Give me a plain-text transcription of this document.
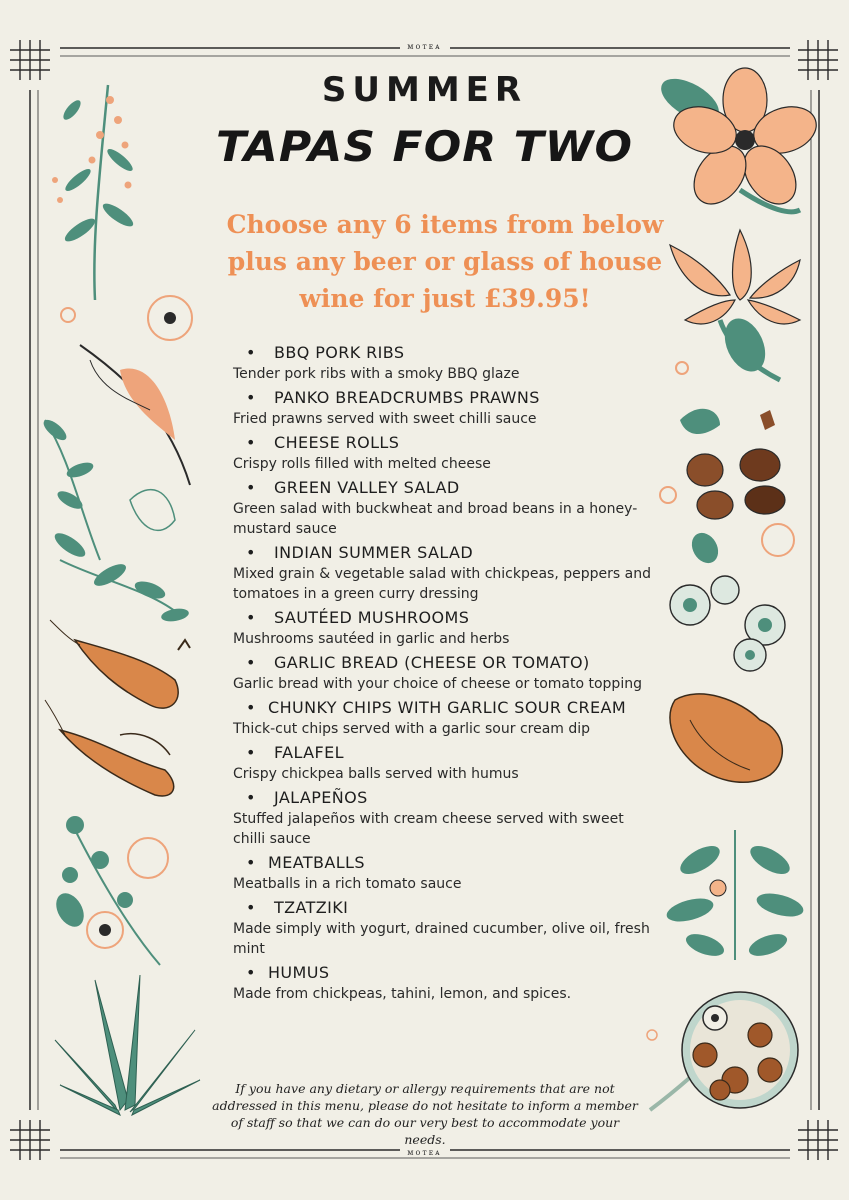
ᴍᴏᴛᴇᴀ
SUMMER
TAPAS FOR TWO

Choose any 6 items from below plus any beer or glass of house wine for just £39.95!

• BBQ PORK RIBS
Tender pork ribs with a smoky BBQ glaze
• PANKO BREADCRUMBS PRAWNS
Fried prawns served with sweet chilli sauce
• CHEESE ROLLS
Crispy rolls filled with melted cheese
• GREEN VALLEY SALAD
Green salad with buckwheat and broad beans in a honey-mustard sauce
• INDIAN SUMMER SALAD
Mixed grain & vegetable salad with chickpeas, peppers and tomatoes in a green curry dressing
• SAUTÉED MUSHROOMS
Mushrooms sautéed in garlic and herbs
• GARLIC BREAD (CHEESE OR TOMATO)
Garlic bread with your choice of cheese or tomato topping
• CHUNKY CHIPS WITH GARLIC SOUR CREAM
Thick-cut chips served with a garlic sour cream dip
• FALAFEL
Crispy chickpea balls served with humus
• JALAPEÑOS
Stuffed jalapeños with cream cheese served with sweet chilli sauce
• MEATBALLS
Meatballs in a rich tomato sauce
• TZATZIKI
Made simply with yogurt, drained cucumber, olive oil, fresh mint
• HUMUS
Made from chickpeas, tahini, lemon, and spices.

If you have any dietary or allergy requirements that are not addressed in this menu, please do not hesitate to inform a member of staff so that we can do our very best to accommodate your needs.

ᴍᴏᴛᴇᴀ
